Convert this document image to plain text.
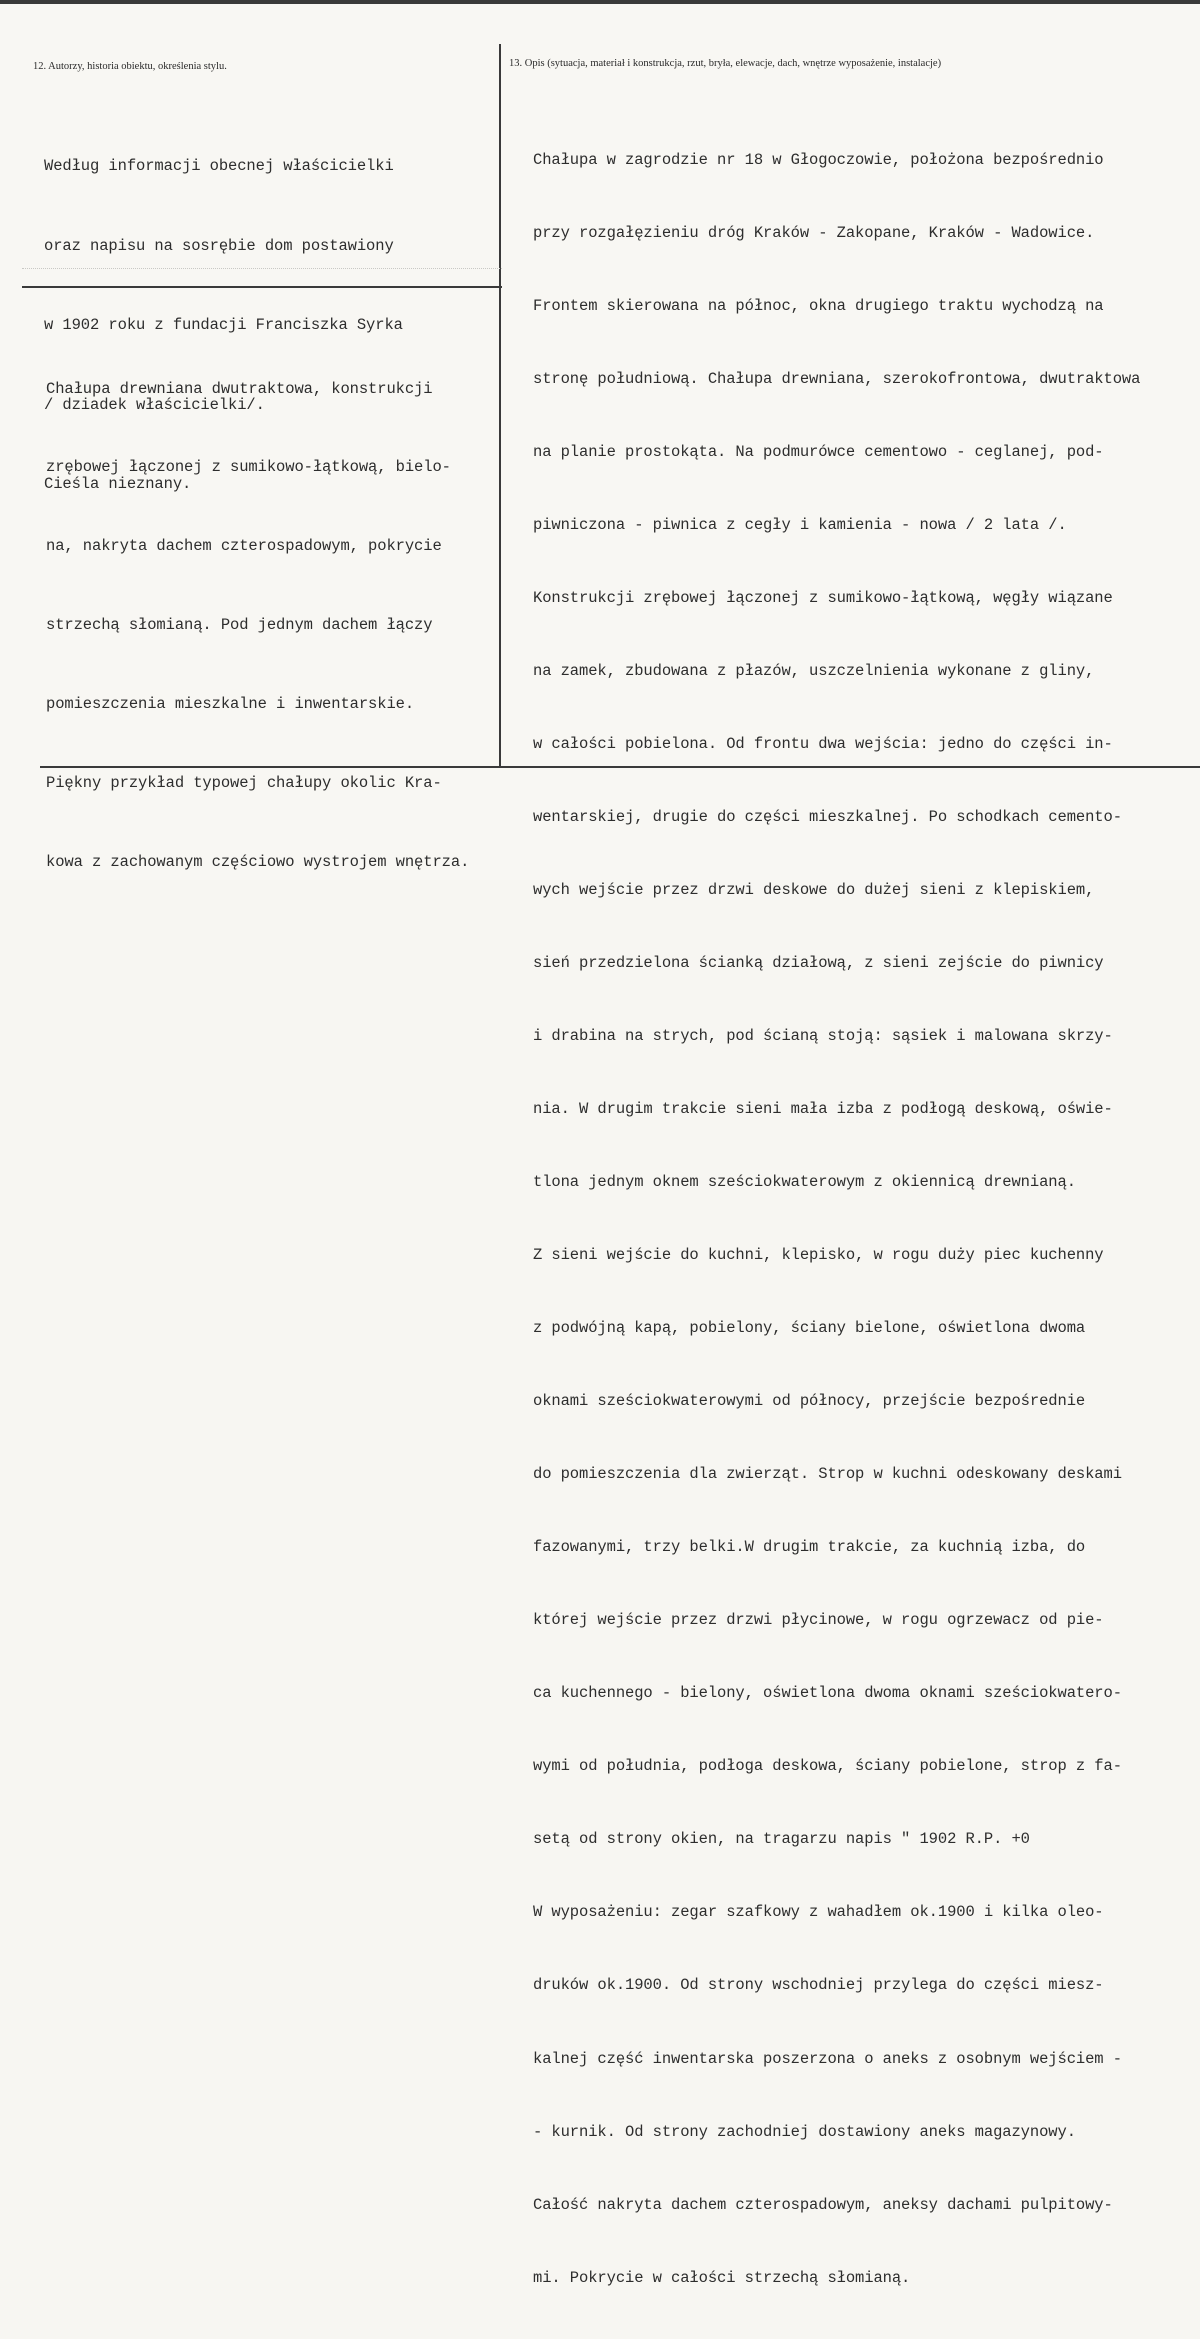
12. Autorzy, historia obiektu, określenia stylu.	13. Opis (sytuacja, materiał i konstrukcja, rzut, bryła, elewacje, dach, wnętrze wyposażenie, instalacje)

Według informacji obecnej właścicielki

oraz napisu na sosrębie dom postawiony

w 1902 roku z fundacji Franciszka Syrka

/ dziadek właścicielki/.

Cieśla nieznany.

Chałupa drewniana dwutraktowa, konstrukcji

zrębowej łączonej z sumikowo-łątkową, bielo-

na, nakryta dachem czterospadowym, pokrycie

strzechą słomianą. Pod jednym dachem łączy

pomieszczenia mieszkalne i inwentarskie.

Piękny przykład typowej chałupy okolic Kra-

kowa z zachowanym częściowo wystrojem wnętrza.

Chałupa w zagrodzie nr 18 w Głogoczowie, położona bezpośrednio

przy rozgałęzieniu dróg Kraków - Zakopane, Kraków - Wadowice.

Frontem skierowana na północ, okna drugiego traktu wychodzą na

stronę południową. Chałupa drewniana, szerokofrontowa, dwutraktowa

na planie prostokąta. Na podmurówce cementowo - ceglanej, pod-

piwniczona - piwnica z cegły i kamienia - nowa / 2 lata /.

Konstrukcji zrębowej łączonej z sumikowo-łątkową, węgły wiązane

na zamek, zbudowana z płazów, uszczelnienia wykonane z gliny,

w całości pobielona. Od frontu dwa wejścia: jedno do części in-

wentarskiej, drugie do części mieszkalnej. Po schodkach cemento-

wych wejście przez drzwi deskowe do dużej sieni z klepiskiem,

sień przedzielona ścianką działową, z sieni zejście do piwnicy

i drabina na strych, pod ścianą stoją: sąsiek i malowana skrzy-

nia. W drugim trakcie sieni mała izba z podłogą deskową, oświe-

tlona jednym oknem sześciokwaterowym z okiennicą drewnianą.

Z sieni wejście do kuchni, klepisko, w rogu duży piec kuchenny

z podwójną kapą, pobielony, ściany bielone, oświetlona dwoma

oknami sześciokwaterowymi od północy, przejście bezpośrednie

do pomieszczenia dla zwierząt. Strop w kuchni odeskowany deskami

fazowanymi, trzy belki.W drugim trakcie, za kuchnią izba, do

której wejście przez drzwi płycinowe, w rogu ogrzewacz od pie-

ca kuchennego - bielony, oświetlona dwoma oknami sześciokwatero-

wymi od południa, podłoga deskowa, ściany pobielone, strop z fa-

setą od strony okien, na tragarzu napis " 1902 R.P. +0

W wyposażeniu: zegar szafkowy z wahadłem ok.1900 i kilka oleo-

druków ok.1900. Od strony wschodniej przylega do części miesz-

kalnej część inwentarska poszerzona o aneks z osobnym wejściem -

- kurnik. Od strony zachodniej dostawiony aneks magazynowy.

Całość nakryta dachem czterospadowym, aneksy dachami pulpitowy-

mi. Pokrycie w całości strzechą słomianą.
